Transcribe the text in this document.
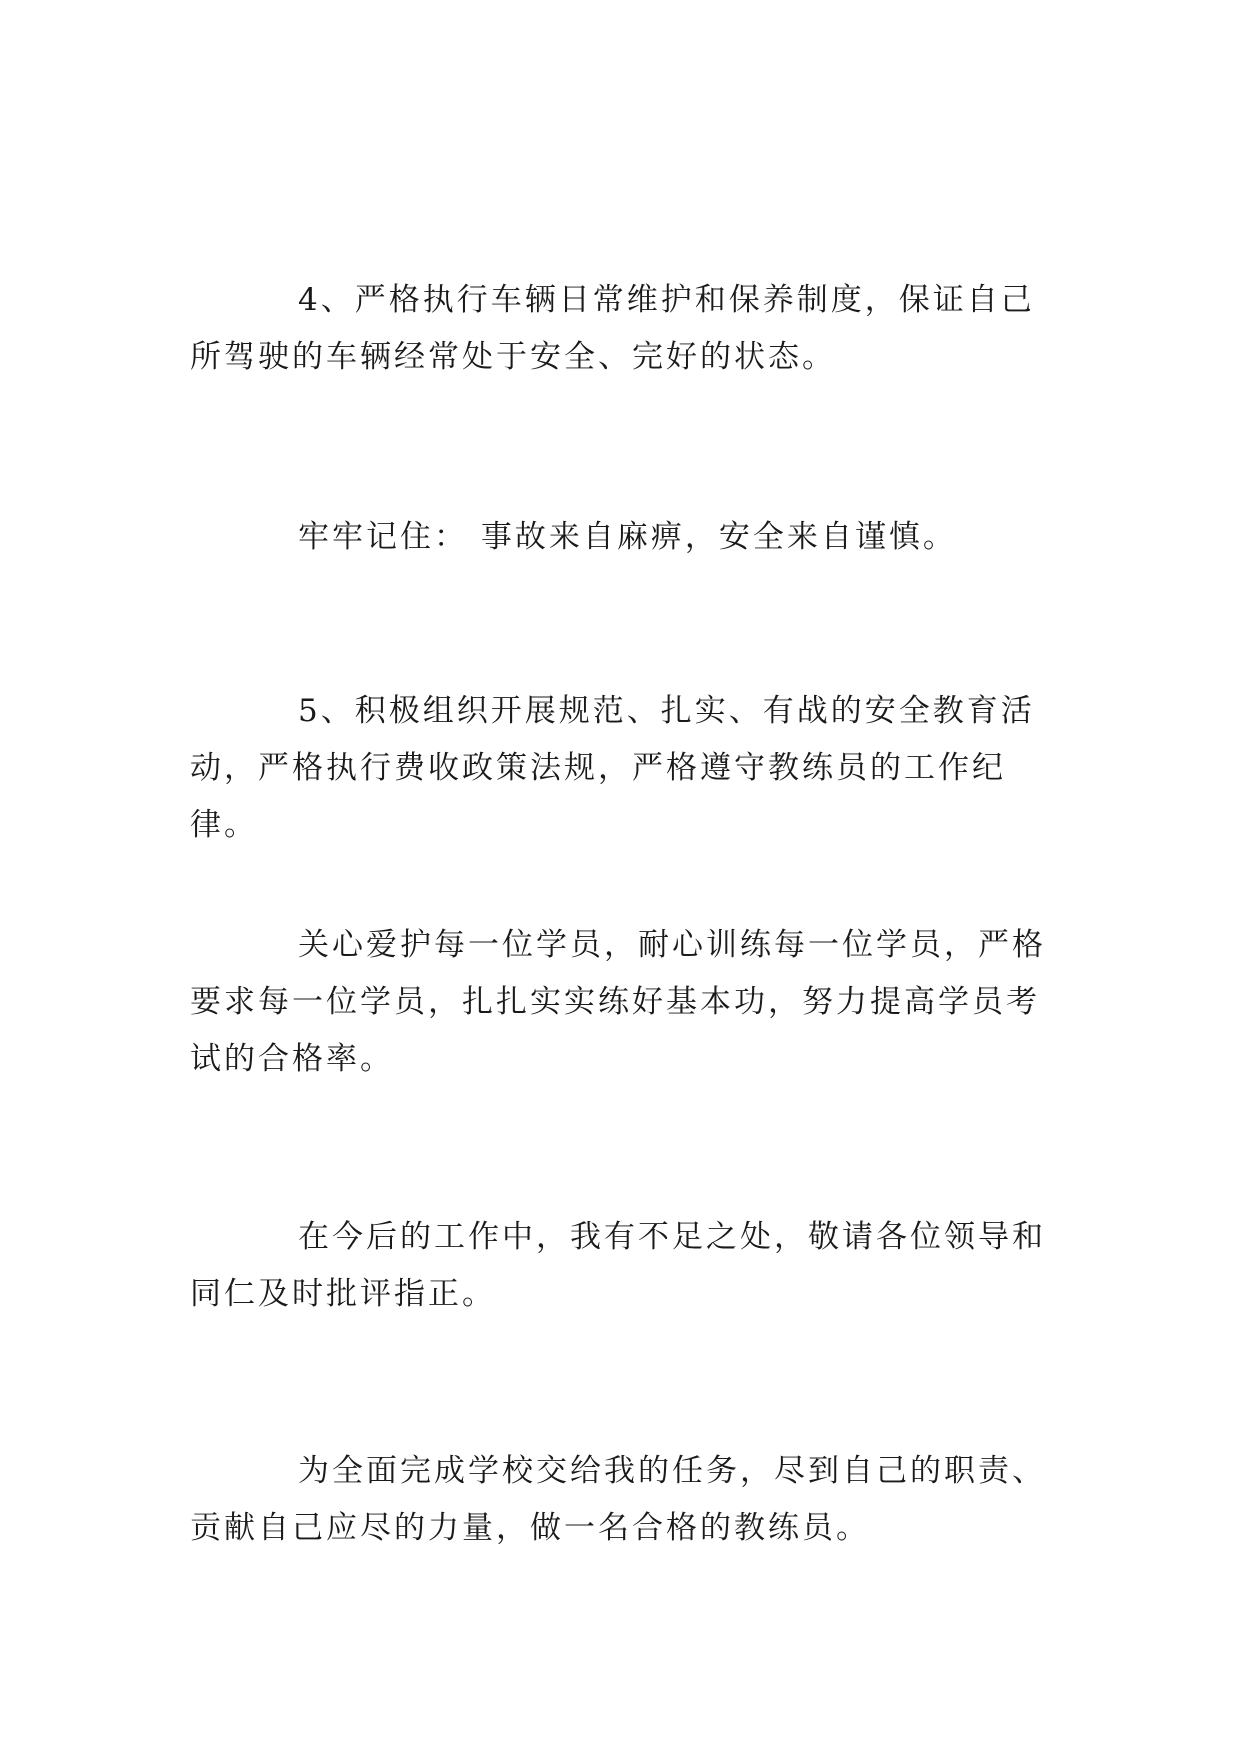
4、严格执行车辆日常维护和保养制度，保证自己所驾驶的车辆经常处于安全、完好的状态。

牢牢记住： 事故来自麻痹，安全来自谨慎。

5、积极组织开展规范、扎实、有战的安全教育活动，严格执行费收政策法规，严格遵守教练员的工作纪律。

关心爱护每一位学员，耐心训练每一位学员，严格要求每一位学员，扎扎实实练好基本功，努力提高学员考试的合格率。

在今后的工作中，我有不足之处，敬请各位领导和同仁及时批评指正。

为全面完成学校交给我的任务，尽到自己的职责、贡献自己应尽的力量，做一名合格的教练员。
